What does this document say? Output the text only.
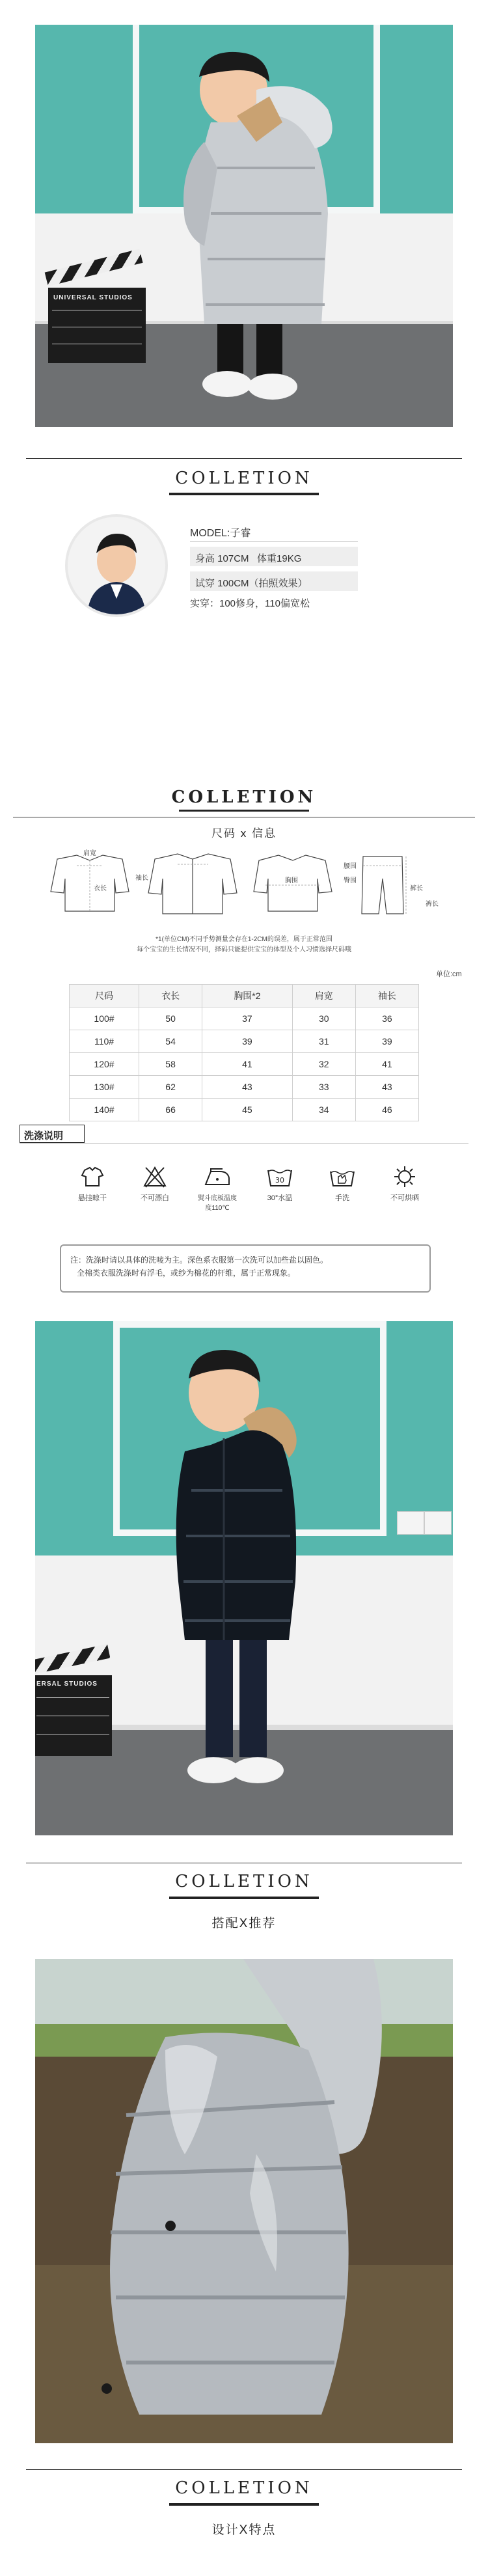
UNIVERSAL STUDIOS
COLLETION
MODEL:子睿
身高 107CM   体重19KG
试穿 100CM（拍照效果）
实穿：100修身，110偏宽松
COLLETION
尺码 x 信息
肩宽
衣长
袖长	胸围
腰围
裤长
臀围
裤长
*1(单位CM)不同手势测量会存在1-2CM的误差，属于正常范围
每个宝宝的生长情况不同，择码只能提供宝宝的体型及个人习惯选择尺码哦
单位:cm
尺码	衣长	胸围*2	肩宽	袖长
100#	50	37	30	36
110#	54	39	31	39
120#	58	41	32	41
130#	62	43	33	43
140#	66	45	34	46
洗涤说明
悬挂晾干	不可漂白	熨斗底板温度
度110℃
30
30°水温	手洗	不可烘晒
注：洗涤时请以具体的洗唛为主。深色系衣服第一次洗可以加些盐以固色。
全棉类衣服洗涤时有浮毛，或纱为棉花的杆维，属于正常现象。
ERSAL STUDIOS
COLLETION
搭配X推荐
COLLETION
设计X特点
